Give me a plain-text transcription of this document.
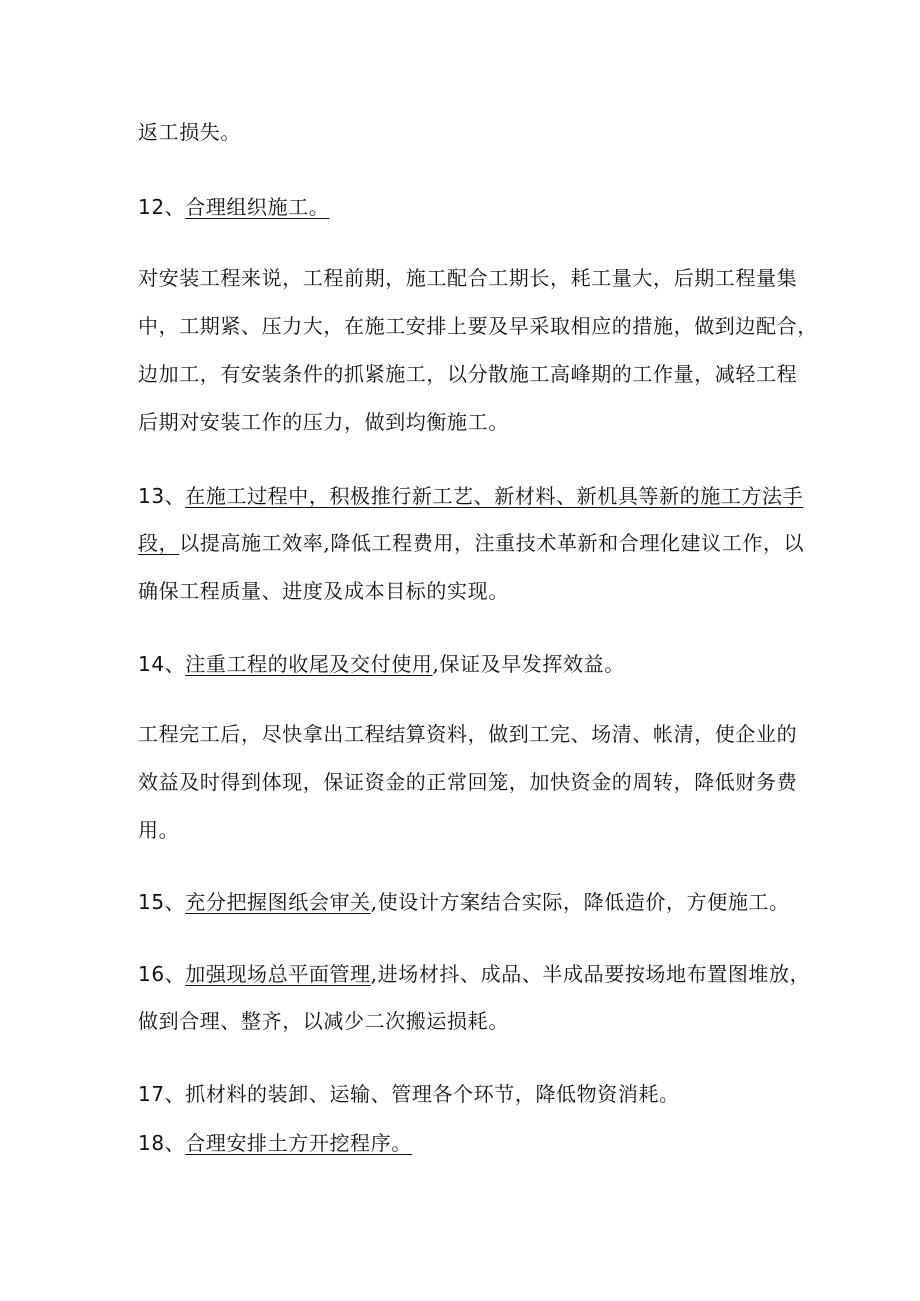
返工损失。
12、合理组织施工。
对安装工程来说，工程前期，施工配合工期长，耗工量大，后期工程量集
中，工期紧、压力大，在施工安排上要及早采取相应的措施，做到边配合，
边加工，有安装条件的抓紧施工，以分散施工高峰期的工作量，减轻工程
后期对安装工作的压力，做到均衡施工。
13、在施工过程中，积极推行新工艺、新材料、新机具等新的施工方法手
段，以提高施工效率,降低工程费用，注重技术革新和合理化建议工作，以
确保工程质量、进度及成本目标的实现。
14、注重工程的收尾及交付使用,保证及早发挥效益。
工程完工后，尽快拿出工程结算资料，做到工完、场清、帐清，使企业的
效益及时得到体现，保证资金的正常回笼，加快资金的周转，降低财务费
用。
15、充分把握图纸会审关,使设计方案结合实际，降低造价，方便施工。
16、加强现场总平面管理,进场材抖、成品、半成品要按场地布置图堆放，
做到合理、整齐，以减少二次搬运损耗。
17、抓材料的装卸、运输、管理各个环节，降低物资消耗。
18、合理安排土方开挖程序。
